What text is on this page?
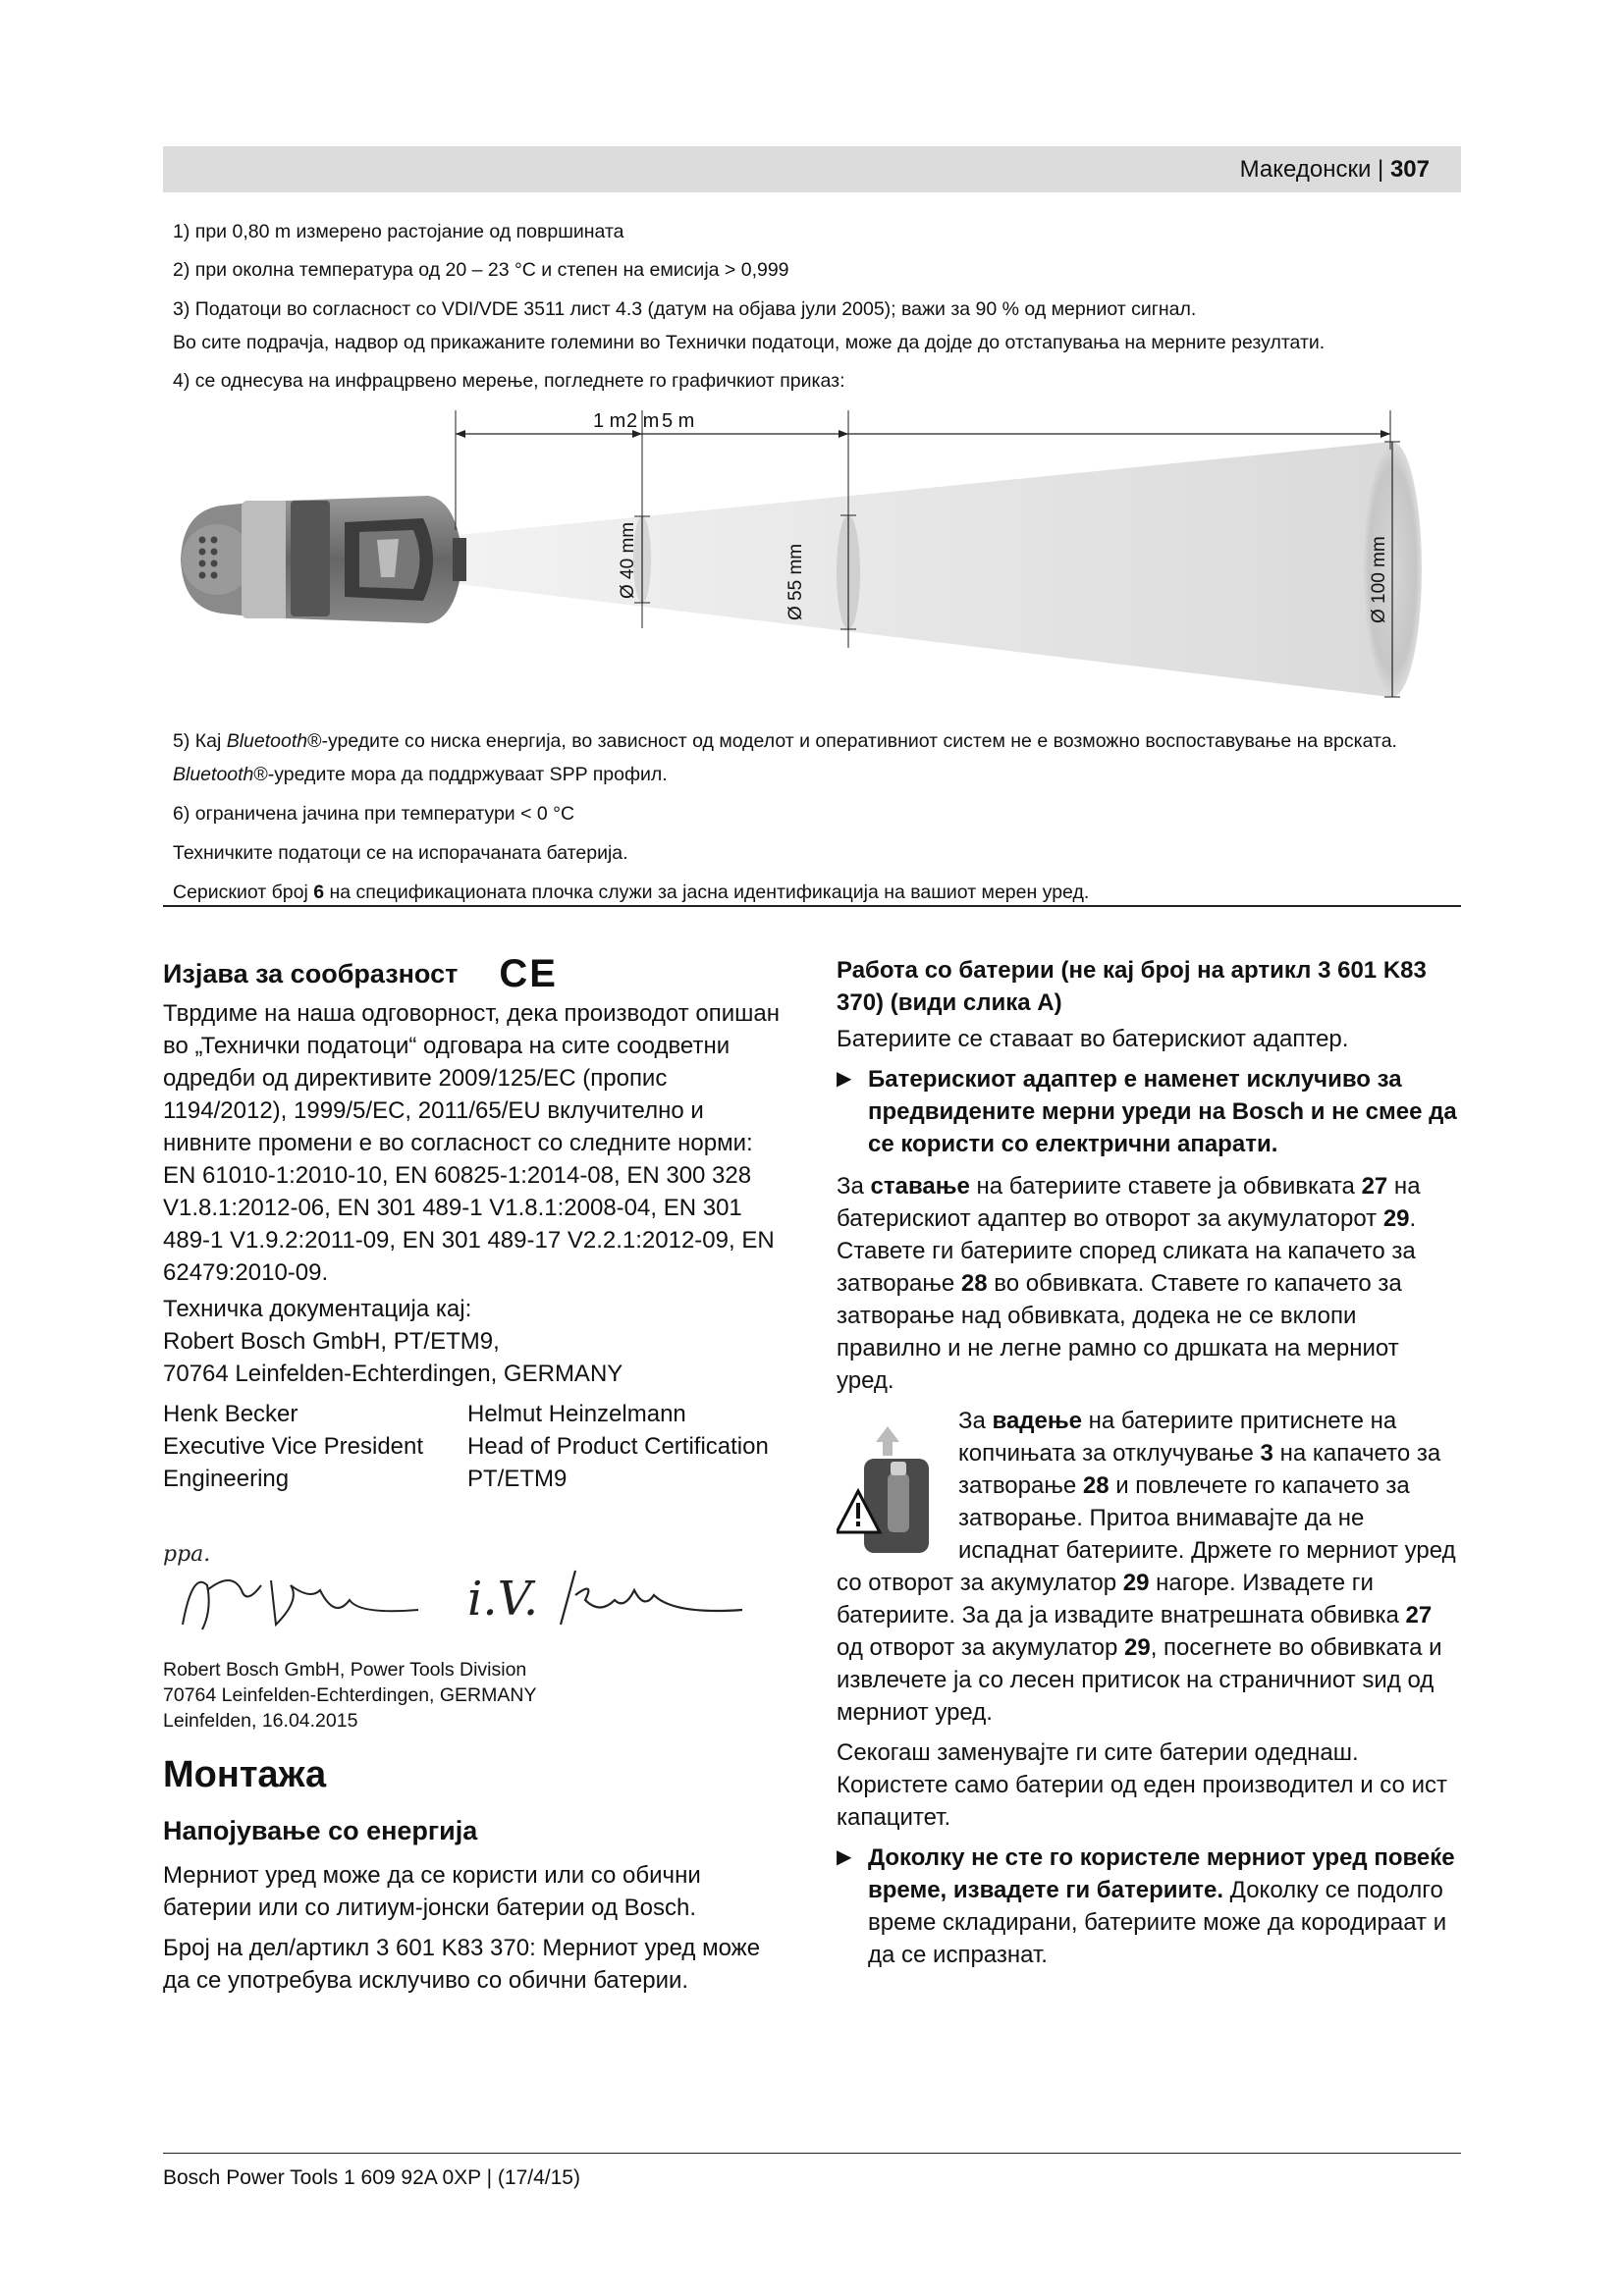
Македонски | 307
1) при 0,80 m измерено растојание од површината
2) при околна температура од 20 – 23 °C и степен на емисија > 0,999
3) Податоци во согласност со VDI/VDE 3511 лист 4.3 (датум на објава јули 2005); важи за 90 % од мерниот сигнал.
Во сите подрачја, надвор од прикажаните големини во Технички податоци, може да дојде до отстапувања на мерните резултати.
4) се однесува на инфрацрвено мерење, погледнете го графичкиот приказ:
1 m 2 m 5 m
Ø 40 mm	Ø 55 mm	Ø 100 mm
5) Кај Bluetooth®-уредите со ниска енергија, во зависност од моделот и оперативниот систем не е возможно воспоставување на врската.
Bluetooth®-уредите мора да поддржуваат SPP профил.
6) ограничена јачина при температури < 0 °C
Техничките податоци се на испорачаната батерија.
Серискиот број 6 на спецификационата плочка служи за јасна идентификација на вашиот мерен уред.
Изјава за сообразност CE

Тврдиме на наша одговорност, дека производот опишан во „Технички податоци“ одговара на сите соодветни одредби од директивите 2009/125/ЕС (пропис 1194/2012), 1999/5/EC, 2011/65/EU вклучително и нивните промени е во согласност со следните норми: EN 61010-1:2010-10, EN 60825-1:2014-08, EN 300 328 V1.8.1:2012-06, EN 301 489-1 V1.8.1:2008-04, EN 301 489-1 V1.9.2:2011-09, EN 301 489-17 V2.2.1:2012-09, EN 62479:2010-09.

Техничка документација кај:
Robert Bosch GmbH, PT/ETM9,
70764 Leinfelden-Echterdingen, GERMANY
Henk Becker
Executive Vice President
Engineering
Helmut Heinzelmann
Head of Product Certification
PT/ETM9
ppa.
i.V.
Robert Bosch GmbH, Power Tools Division
70764 Leinfelden-Echterdingen, GERMANY
Leinfelden, 16.04.2015
Монтажа
Напојување со енергија

Мерниот уред може да се користи или со обични батерии или со литиум-јонски батерии од Bosch.

Број на дел/артикл 3 601 K83 370: Мерниот уред може да се употребува исклучиво со обични батерии.

Работа со батерии (не кај број на артикл 3 601 K83 370) (види слика A)

Батериите се ставаат во батерискиот адаптер.

▶ Батерискиот адаптер е наменет исклучиво за предвидените мерни уреди на Bosch и не смее да се користи со електрични апарати.

За ставање на батериите ставете ја обвивката 27 на батерискиот адаптер во отворот за акумулаторот 29. Ставете ги батериите според сликата на капачето за затворање 28 во обвивката. Ставете го капачето за затворање над обвивката, додека не се вклопи правилно и не легне рамно со дршката на мерниот уред.

За вадење на батериите притиснете на копчињата за отклучување 3 на капачето за затворање 28 и повлечете го капачето за затворање. Притоа внимавајте да не испаднат батериите. Држете го мерниот уред со отворот за акумулатор 29 нагоре. Извадете ги батериите. За да ја извадите внатрешната обвивка 27 од отворот за акумулатор 29, посегнете во обвивката и извлечете ја со лесен притисок на страничниот ѕид од мерниот уред.

Секогаш заменувајте ги сите батерии одеднаш. Користете само батерии од еден производител и со ист капацитет.

▶ Доколку не сте го користеле мерниот уред повеќе време, извадете ги батериите. Доколку се подолго време складирани, батериите може да кородираат и да се испразнат.
Bosch Power Tools 1 609 92A 0XP | (17/4/15)
